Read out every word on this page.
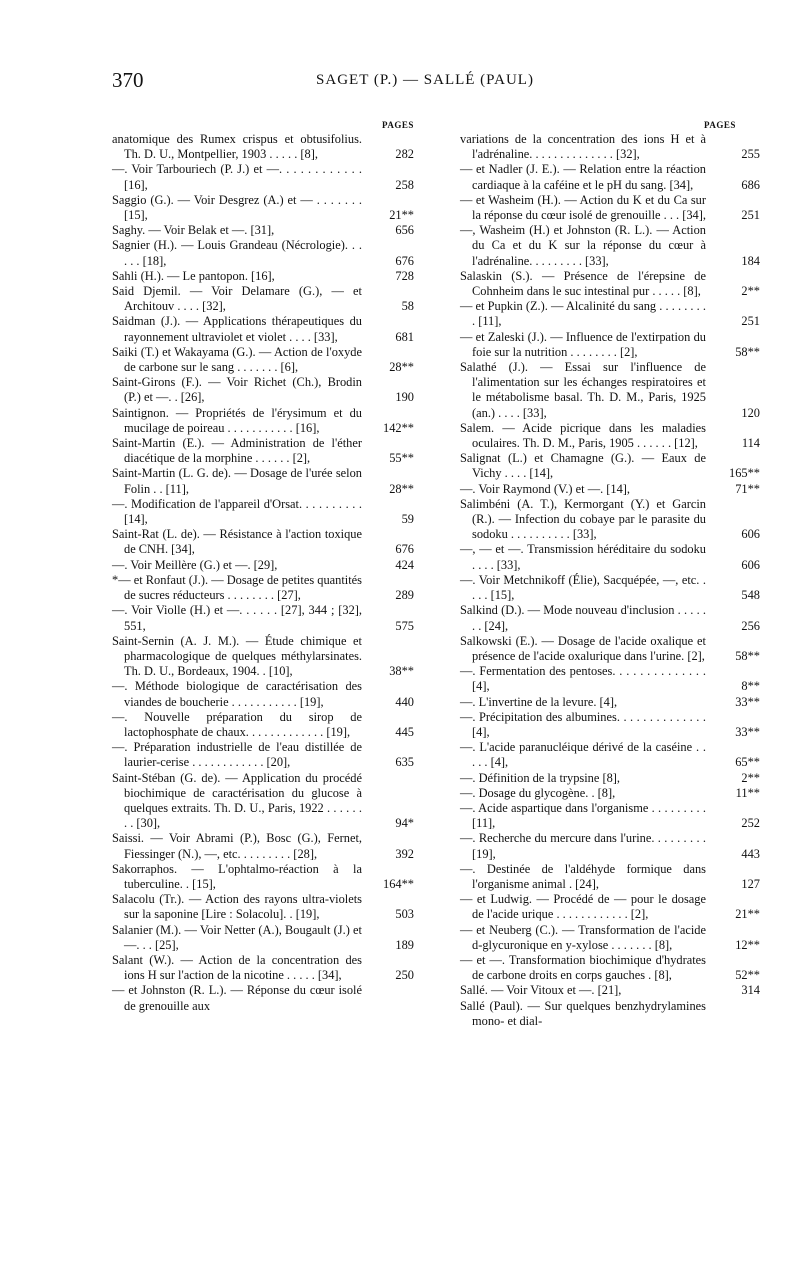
370	SAGET (P.) — SALLÉ (PAUL)
PAGES	PAGES
anatomique des Rumex crispus et obtusifolius. Th. D. U., Montpellier, 1903 . . . . . [8],	282
—. Voir Tarbouriech (P. J.) et —. . . . . . . . . . . . [16],	258
Saggio (G.). — Voir Desgrez (A.) et — . . . . . . . [15],	21**
Saghy. — Voir Belak et —. [31],	656
Sagnier (H.). — Louis Grandeau (Nécrologie). . . . . . [18],	676
Sahli (H.). — Le pantopon. [16],	728
Said Djemil. — Voir Delamare (G.), — et Architouv . . . . [32],	58
Saidman (J.). — Applications thérapeutiques du rayonnement ultraviolet et violet . . . . [33],	681
Saiki (T.) et Wakayama (G.). — Action de l'oxyde de carbone sur le sang . . . . . . . [6],	28**
Saint-Girons (F.). — Voir Richet (Ch.), Brodin (P.) et —. . [26],	190
Saintignon. — Propriétés de l'érysimum et du mucilage de poireau . . . . . . . . . . . [16],	142**
Saint-Martin (E.). — Administration de l'éther diacétique de la morphine . . . . . . [2],	55**
Saint-Martin (L. G. de). — Dosage de l'urée selon Folin . . [11],	28**
—. Modification de l'appareil d'Orsat. . . . . . . . . . [14],	59
Saint-Rat (L. de). — Résistance à l'action toxique de CNH. [34],	676
—. Voir Meillère (G.) et —. [29],	424
*— et Ronfaut (J.). — Dosage de petites quantités de sucres réducteurs . . . . . . . . [27],	289
—. Voir Violle (H.) et —. . . . . . [27], 344 ; [32], 551,	575
Saint-Sernin (A. J. M.). — Étude chimique et pharmacologique de quelques méthylarsinates. Th. D. U., Bordeaux, 1904. . [10],	38**
—. Méthode biologique de caractérisation des viandes de boucherie . . . . . . . . . . . [19],	440
—. Nouvelle préparation du sirop de lactophosphate de chaux. . . . . . . . . . . . . [19],	445
—. Préparation industrielle de l'eau distillée de laurier-cerise . . . . . . . . . . . . [20],	635
Saint-Stéban (G. de). — Application du procédé biochimique de caractérisation du glucose à quelques extraits. Th. D. U., Paris, 1922 . . . . . . . . [30],	94*
Saissi. — Voir Abrami (P.), Bosc (G.), Fernet, Fiessinger (N.), —, etc. . . . . . . . . [28],	392
Sakorraphos. — L'ophtalmo-réaction à la tuberculine. . [15],	164**
Salacolu (Tr.). — Action des rayons ultra-violets sur la saponine [Lire : Solacolu]. . [19],	503
Salanier (M.). — Voir Netter (A.), Bougault (J.) et —. . . [25],	189
Salant (W.). — Action de la concentration des ions H sur l'action de la nicotine . . . . . [34],	250
— et Johnston (R. L.). — Réponse du cœur isolé de grenouille aux
variations de la concentration des ions H et à l'adrénaline. . . . . . . . . . . . . . [32],	255
— et Nadler (J. E.). — Relation entre la réaction cardiaque à la caféine et le pH du sang. [34],	686
— et Washeim (H.). — Action du K et du Ca sur la réponse du cœur isolé de grenouille . . . [34],	251
—, Washeim (H.) et Johnston (R. L.). — Action du Ca et du K sur la réponse du cœur à l'adrénaline. . . . . . . . . [33],	184
Salaskin (S.). — Présence de l'érepsine de Cohnheim dans le suc intestinal pur . . . . . [8],	2**
— et Pupkin (Z.). — Alcalinité du sang . . . . . . . . . [11],	251
— et Zaleski (J.). — Influence de l'extirpation du foie sur la nutrition . . . . . . . . [2],	58**
Salathé (J.). — Essai sur l'influence de l'alimentation sur les échanges respiratoires et le métabolisme basal. Th. D. M., Paris, 1925 (an.) . . . . [33],	120
Salem. — Acide picrique dans les maladies oculaires. Th. D. M., Paris, 1905 . . . . . . [12],	114
Salignat (L.) et Chamagne (G.). — Eaux de Vichy . . . . [14],	165**
—. Voir Raymond (V.) et —. [14],	71**
Salimbéni (A. T.), Kermorgant (Y.) et Garcin (R.). — Infection du cobaye par le parasite du sodoku . . . . . . . . . . [33],	606
—, — et —. Transmission héréditaire du sodoku . . . . [33],	606
—. Voir Metchnikoff (Élie), Sacquépée, —, etc. . . . . [15],	548
Salkind (D.). — Mode nouveau d'inclusion . . . . . . . [24],	256
Salkowski (E.). — Dosage de l'acide oxalique et présence de l'acide oxalurique dans l'urine. [2],	58**
—. Fermentation des pentoses. . . . . . . . . . . . . . [4],	8**
—. L'invertine de la levure. [4],	33**
—. Précipitation des albumines. . . . . . . . . . . . . . [4],	33**
—. L'acide paranucléique dérivé de la caséine . . . . . [4],	65**
—. Définition de la trypsine [8],	2**
—. Dosage du glycogène. . [8],	11**
—. Acide aspartique dans l'organisme . . . . . . . . . [11],	252
—. Recherche du mercure dans l'urine. . . . . . . . . [19],	443
—. Destinée de l'aldéhyde formique dans l'organisme animal . [24],	127
— et Ludwig. — Procédé de — pour le dosage de l'acide urique . . . . . . . . . . . . [2],	21**
— et Neuberg (C.). — Transformation de l'acide d-glycuronique en y-xylose . . . . . . . [8],	12**
— et —. Transformation biochimique d'hydrates de carbone droits en corps gauches . [8],	52**
Sallé. — Voir Vitoux et —. [21],	314
Sallé (Paul). — Sur quelques benzhydrylamines mono- et dial-
